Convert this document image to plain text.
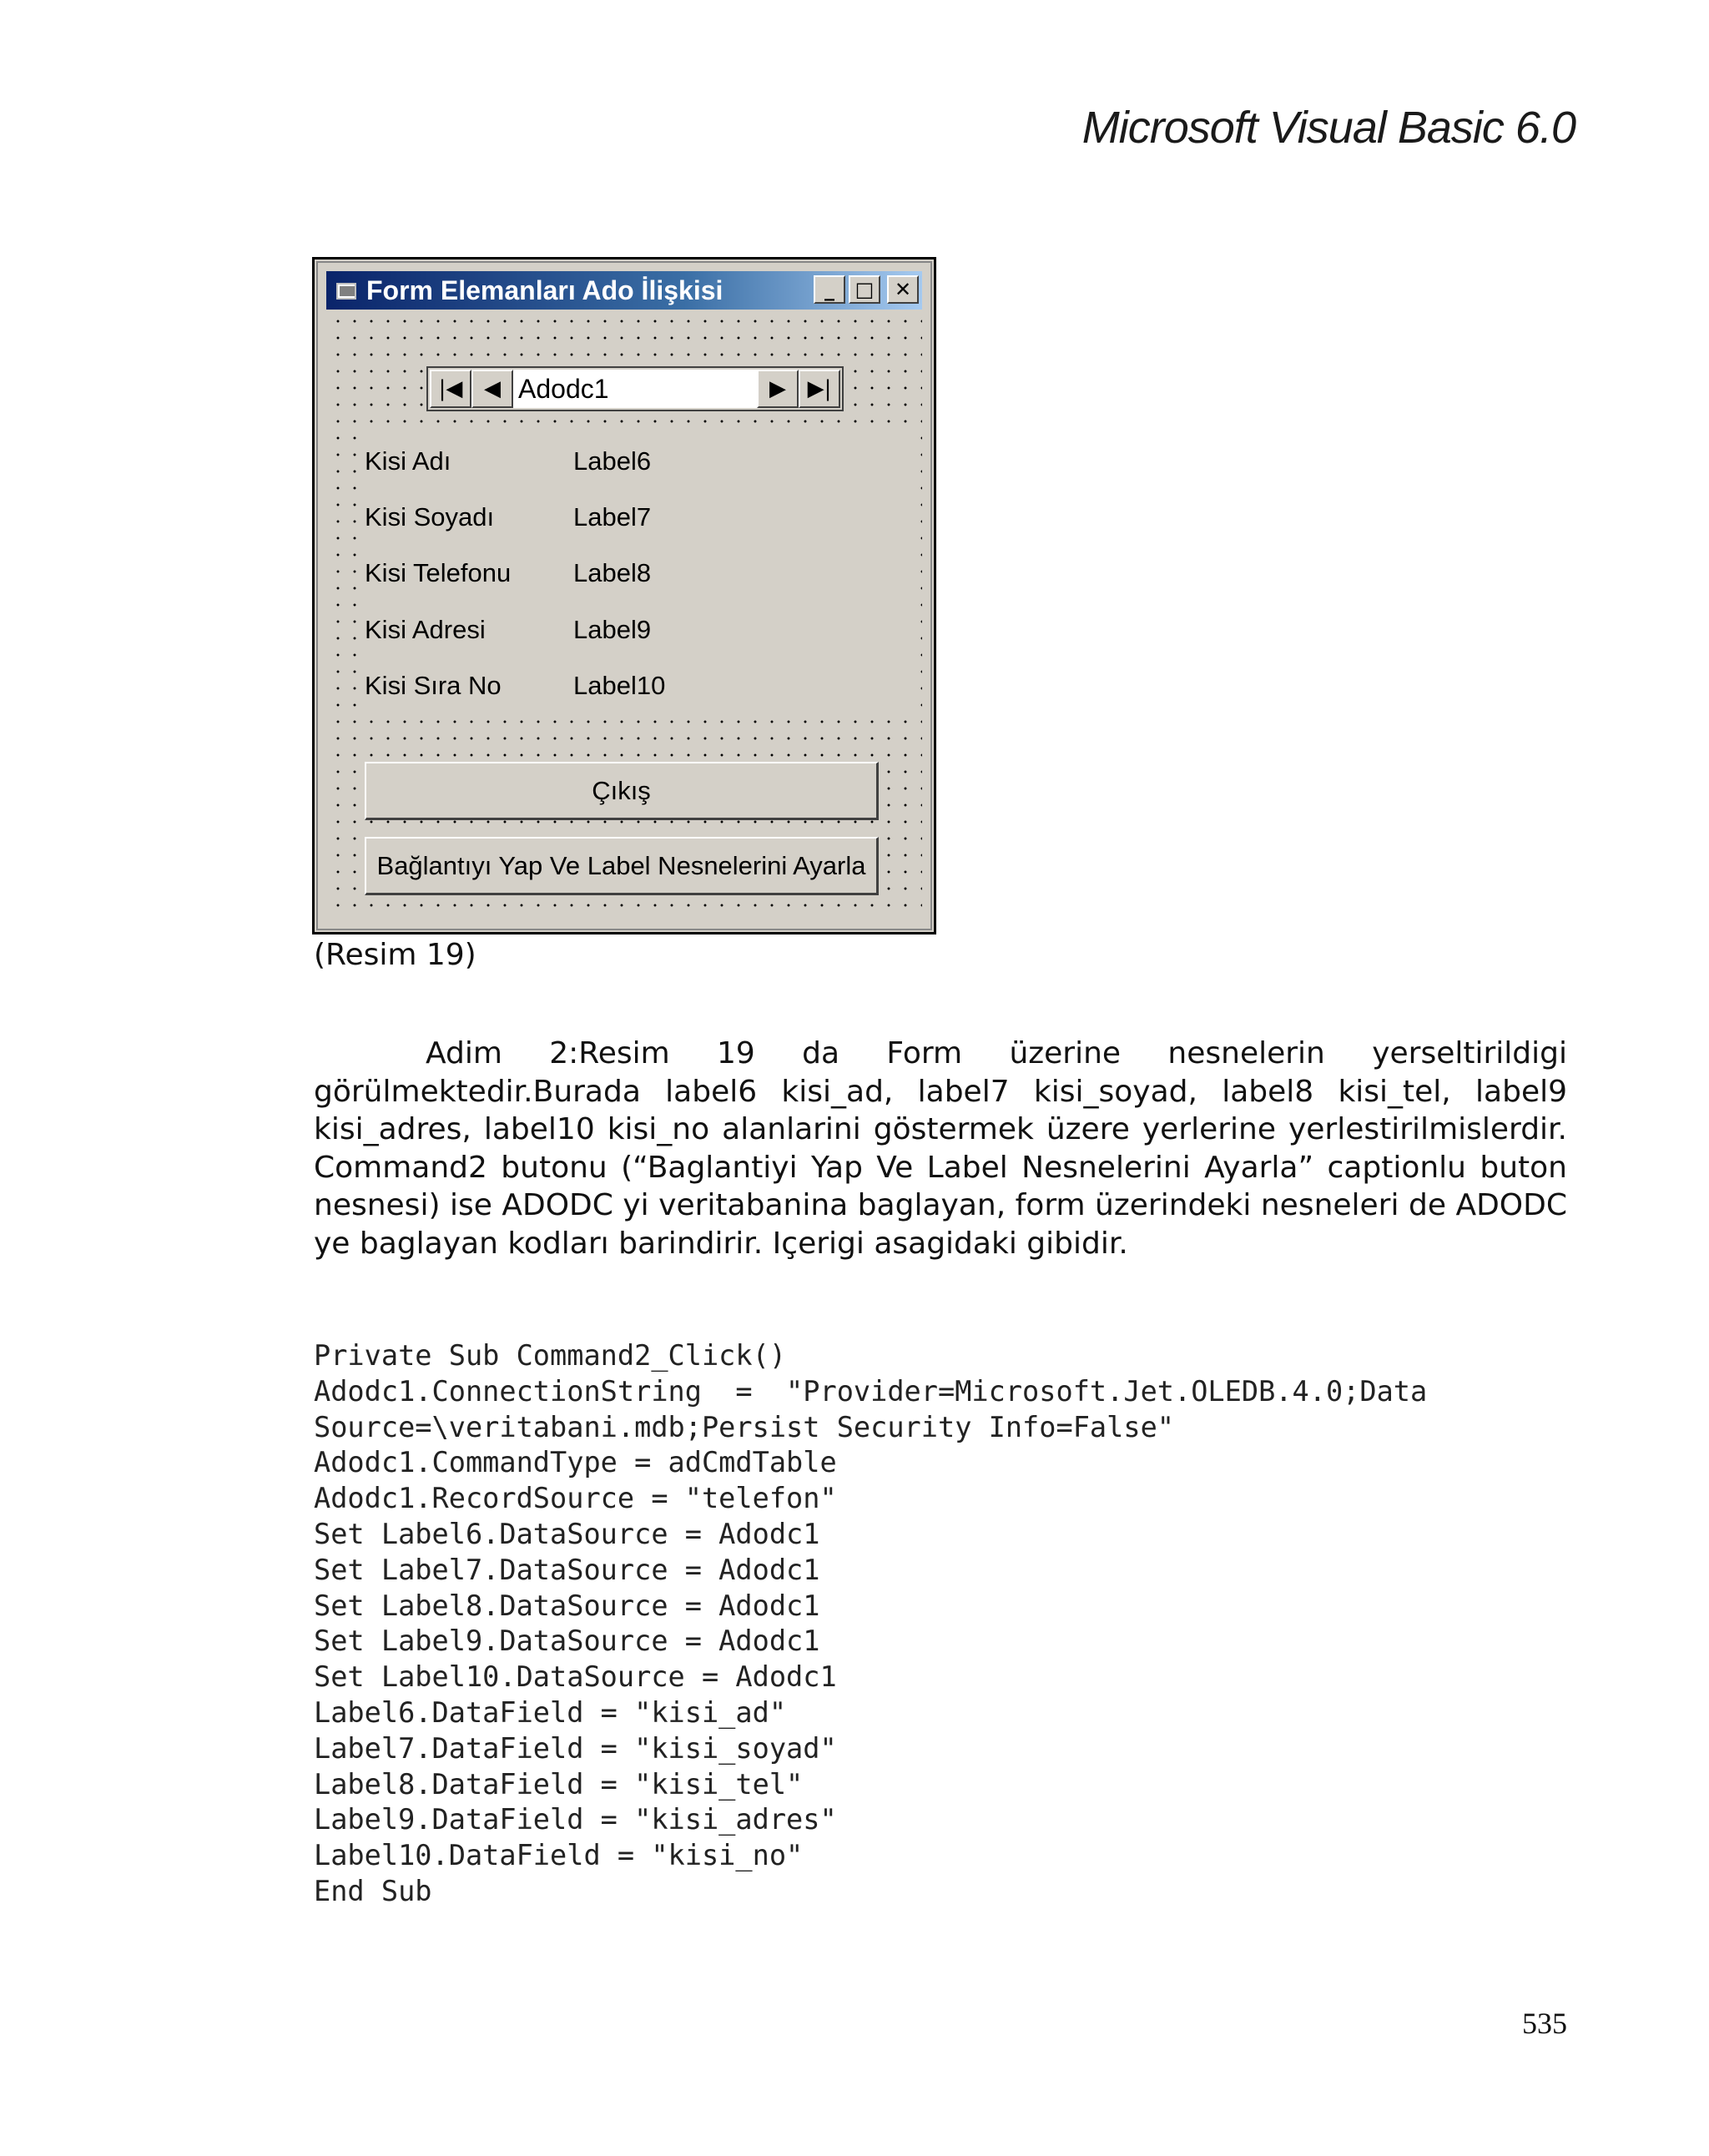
Microsoft Visual Basic 6.0
Form Elemanları Ado İlişkisi	_	□	✕
|◀ ◀ Adodc1	▶ ▶|
Kisi Adı	Label6
Kisi Soyadı	Label7
Kisi Telefonu Label8
Kisi Adresi	Label9
Kisi Sıra No	Label10
Çıkış
Bağlantıyı Yap Ve Label Nesnelerini Ayarla
(Resim 19)

Adim 2:Resim 19 da Form üzerine nesnelerin yerseltirildigi görülmektedir.Burada label6 kisi_ad, label7 kisi_soyad, label8 kisi_tel, label9 kisi_adres, label10 kisi_no alanlarini göstermek üzere yerlerine yerlestirilmislerdir. Command2 butonu (“Baglantiyi Yap Ve Label Nesnelerini Ayarla” captionlu buton nesnesi) ise ADODC yi veritabanina baglayan, form üzerindeki nesneleri de ADODC ye baglayan kodları barindirir. Içerigi asagidaki gibidir.

Private Sub Command2_Click()
Adodc1.ConnectionString  =  "Provider=Microsoft.Jet.OLEDB.4.0;Data
Source=\veritabani.mdb;Persist Security Info=False"
Adodc1.CommandType = adCmdTable
Adodc1.RecordSource = "telefon"
Set Label6.DataSource = Adodc1
Set Label7.DataSource = Adodc1
Set Label8.DataSource = Adodc1
Set Label9.DataSource = Adodc1
Set Label10.DataSource = Adodc1
Label6.DataField = "kisi_ad"
Label7.DataField = "kisi_soyad"
Label8.DataField = "kisi_tel"
Label9.DataField = "kisi_adres"
Label10.DataField = "kisi_no"
End Sub
535
